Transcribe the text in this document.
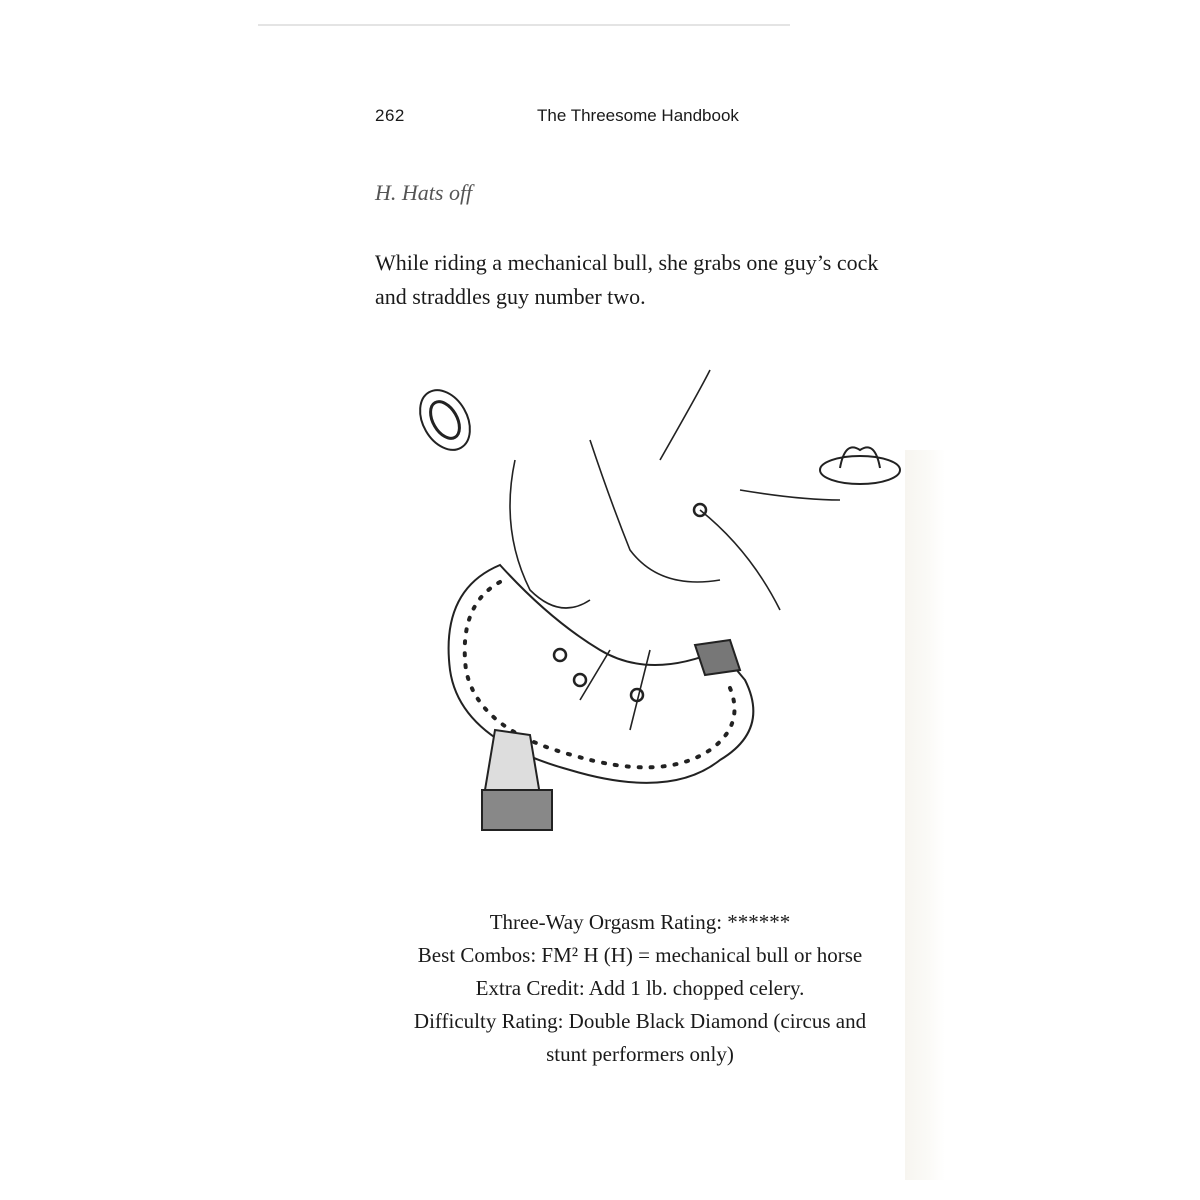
262	The Threesome Handbook
H. Hats off
While riding a mechanical bull, she grabs one guy’s cock and straddles guy number two.
Three-Way Orgasm Rating: ******
Best Combos: FM² H (H) = mechanical bull or horse
Extra Credit: Add 1 lb. chopped celery.
Difficulty Rating: Double Black Diamond (circus and
stunt performers only)
